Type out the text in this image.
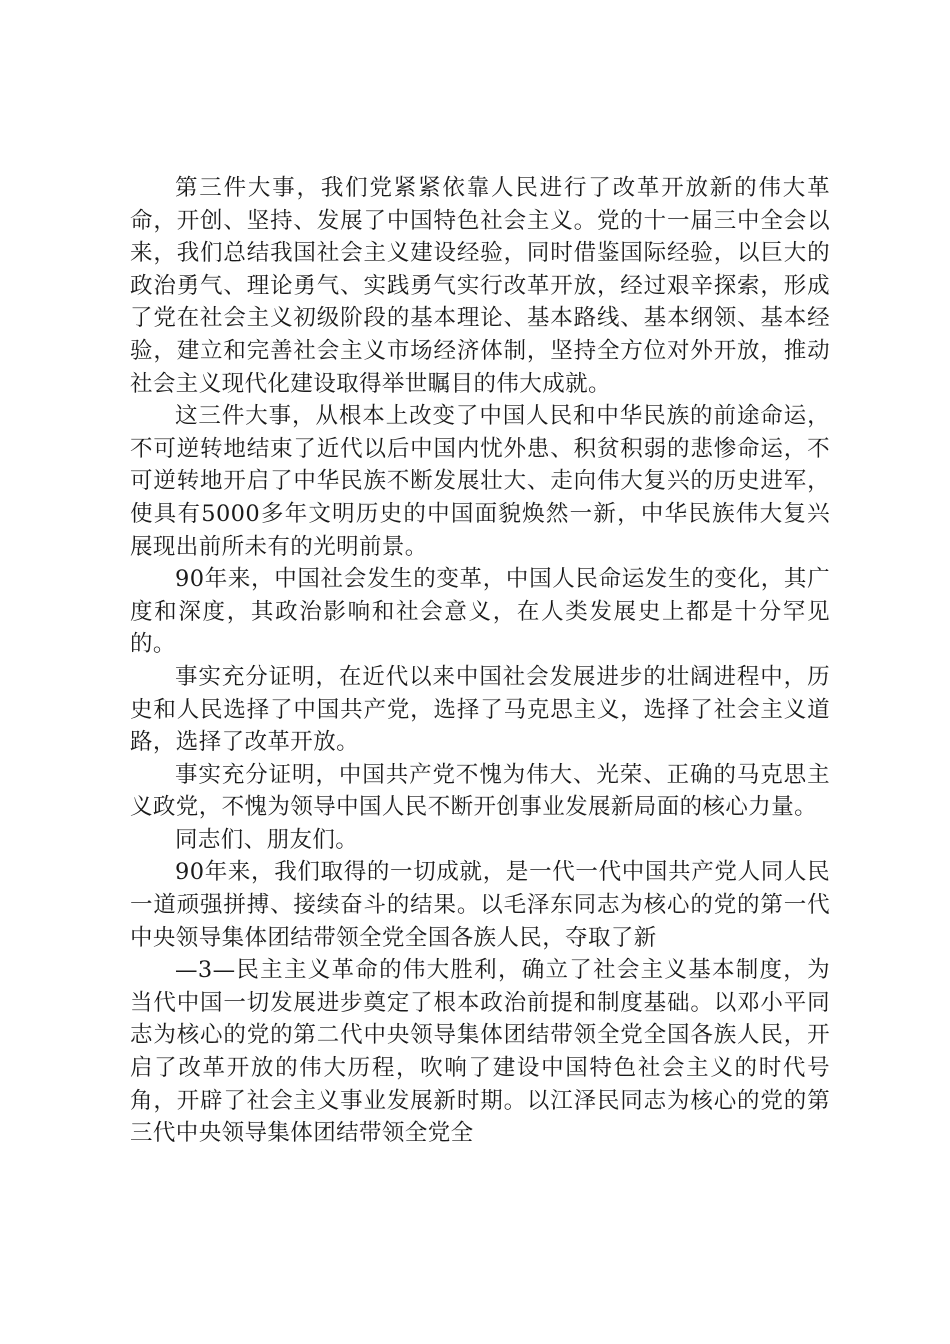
第三件大事，我们党紧紧依靠人民进行了改革开放新的伟大革命，开创、坚持、发展了中国特色社会主义。党的十一届三中全会以来，我们总结我国社会主义建设经验，同时借鉴国际经验，以巨大的政治勇气、理论勇气、实践勇气实行改革开放，经过艰辛探索，形成了党在社会主义初级阶段的基本理论、基本路线、基本纲领、基本经验，建立和完善社会主义市场经济体制，坚持全方位对外开放，推动社会主义现代化建设取得举世瞩目的伟大成就。

这三件大事，从根本上改变了中国人民和中华民族的前途命运，不可逆转地结束了近代以后中国内忧外患、积贫积弱的悲惨命运，不可逆转地开启了中华民族不断发展壮大、走向伟大复兴的历史进军，使具有5000多年文明历史的中国面貌焕然一新，中华民族伟大复兴展现出前所未有的光明前景。

90年来，中国社会发生的变革，中国人民命运发生的变化，其广度和深度，其政治影响和社会意义，在人类发展史上都是十分罕见的。

事实充分证明，在近代以来中国社会发展进步的壮阔进程中，历史和人民选择了中国共产党，选择了马克思主义，选择了社会主义道路，选择了改革开放。

事实充分证明，中国共产党不愧为伟大、光荣、正确的马克思主义政党，不愧为领导中国人民不断开创事业发展新局面的核心力量。

同志们、朋友们。

90年来，我们取得的一切成就，是一代一代中国共产党人同人民一道顽强拼搏、接续奋斗的结果。以毛泽东同志为核心的党的第一代中央领导集体团结带领全党全国各族人民，夺取了新

—3—民主主义革命的伟大胜利，确立了社会主义基本制度，为当代中国一切发展进步奠定了根本政治前提和制度基础。以邓小平同志为核心的党的第二代中央领导集体团结带领全党全国各族人民，开启了改革开放的伟大历程，吹响了建设中国特色社会主义的时代号角，开辟了社会主义事业发展新时期。以江泽民同志为核心的党的第三代中央领导集体团结带领全党全
